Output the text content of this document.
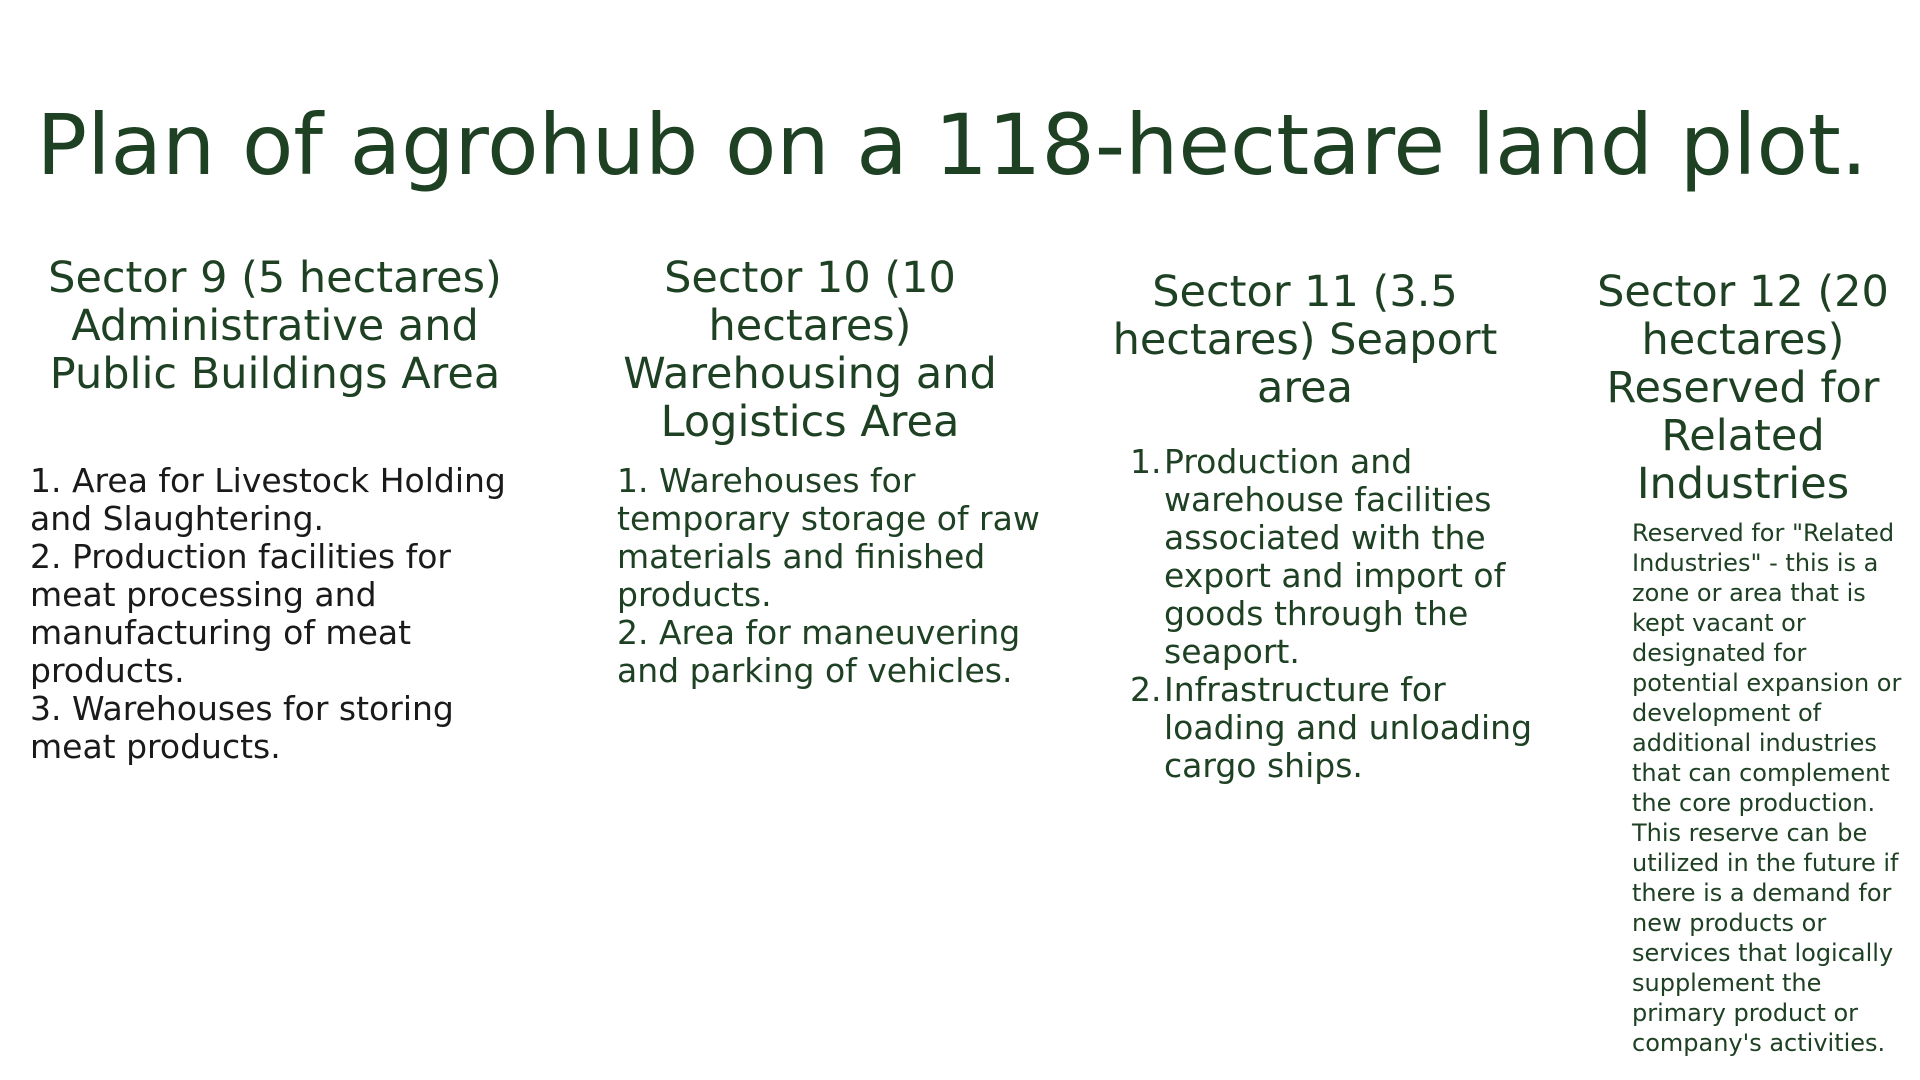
Plan of agrohub on a 118-hectare land plot.
Sector 9 (5 hectares) Administrative and Public Buildings Area
1. Area for Livestock Holding and Slaughtering.
2. Production facilities for meat processing and manufacturing of meat products.
3. Warehouses for storing meat products.
Sector 10 (10 hectares) Warehousing and Logistics Area
1. Warehouses for temporary storage of raw materials and finished products.
2. Area for maneuvering and parking of vehicles.
Sector 11 (3.5 hectares) Seaport area
Production and warehouse facilities associated with the export and import of goods through the seaport.
Infrastructure for loading and unloading cargo ships.
Sector 12 (20 hectares) Reserved for Related Industries

Reserved for "Related Industries" - this is a zone or area that is kept vacant or designated for potential expansion or development of additional industries that can complement the core production. This reserve can be utilized in the future if there is a demand for new products or services that logically supplement the primary product or company's activities.
